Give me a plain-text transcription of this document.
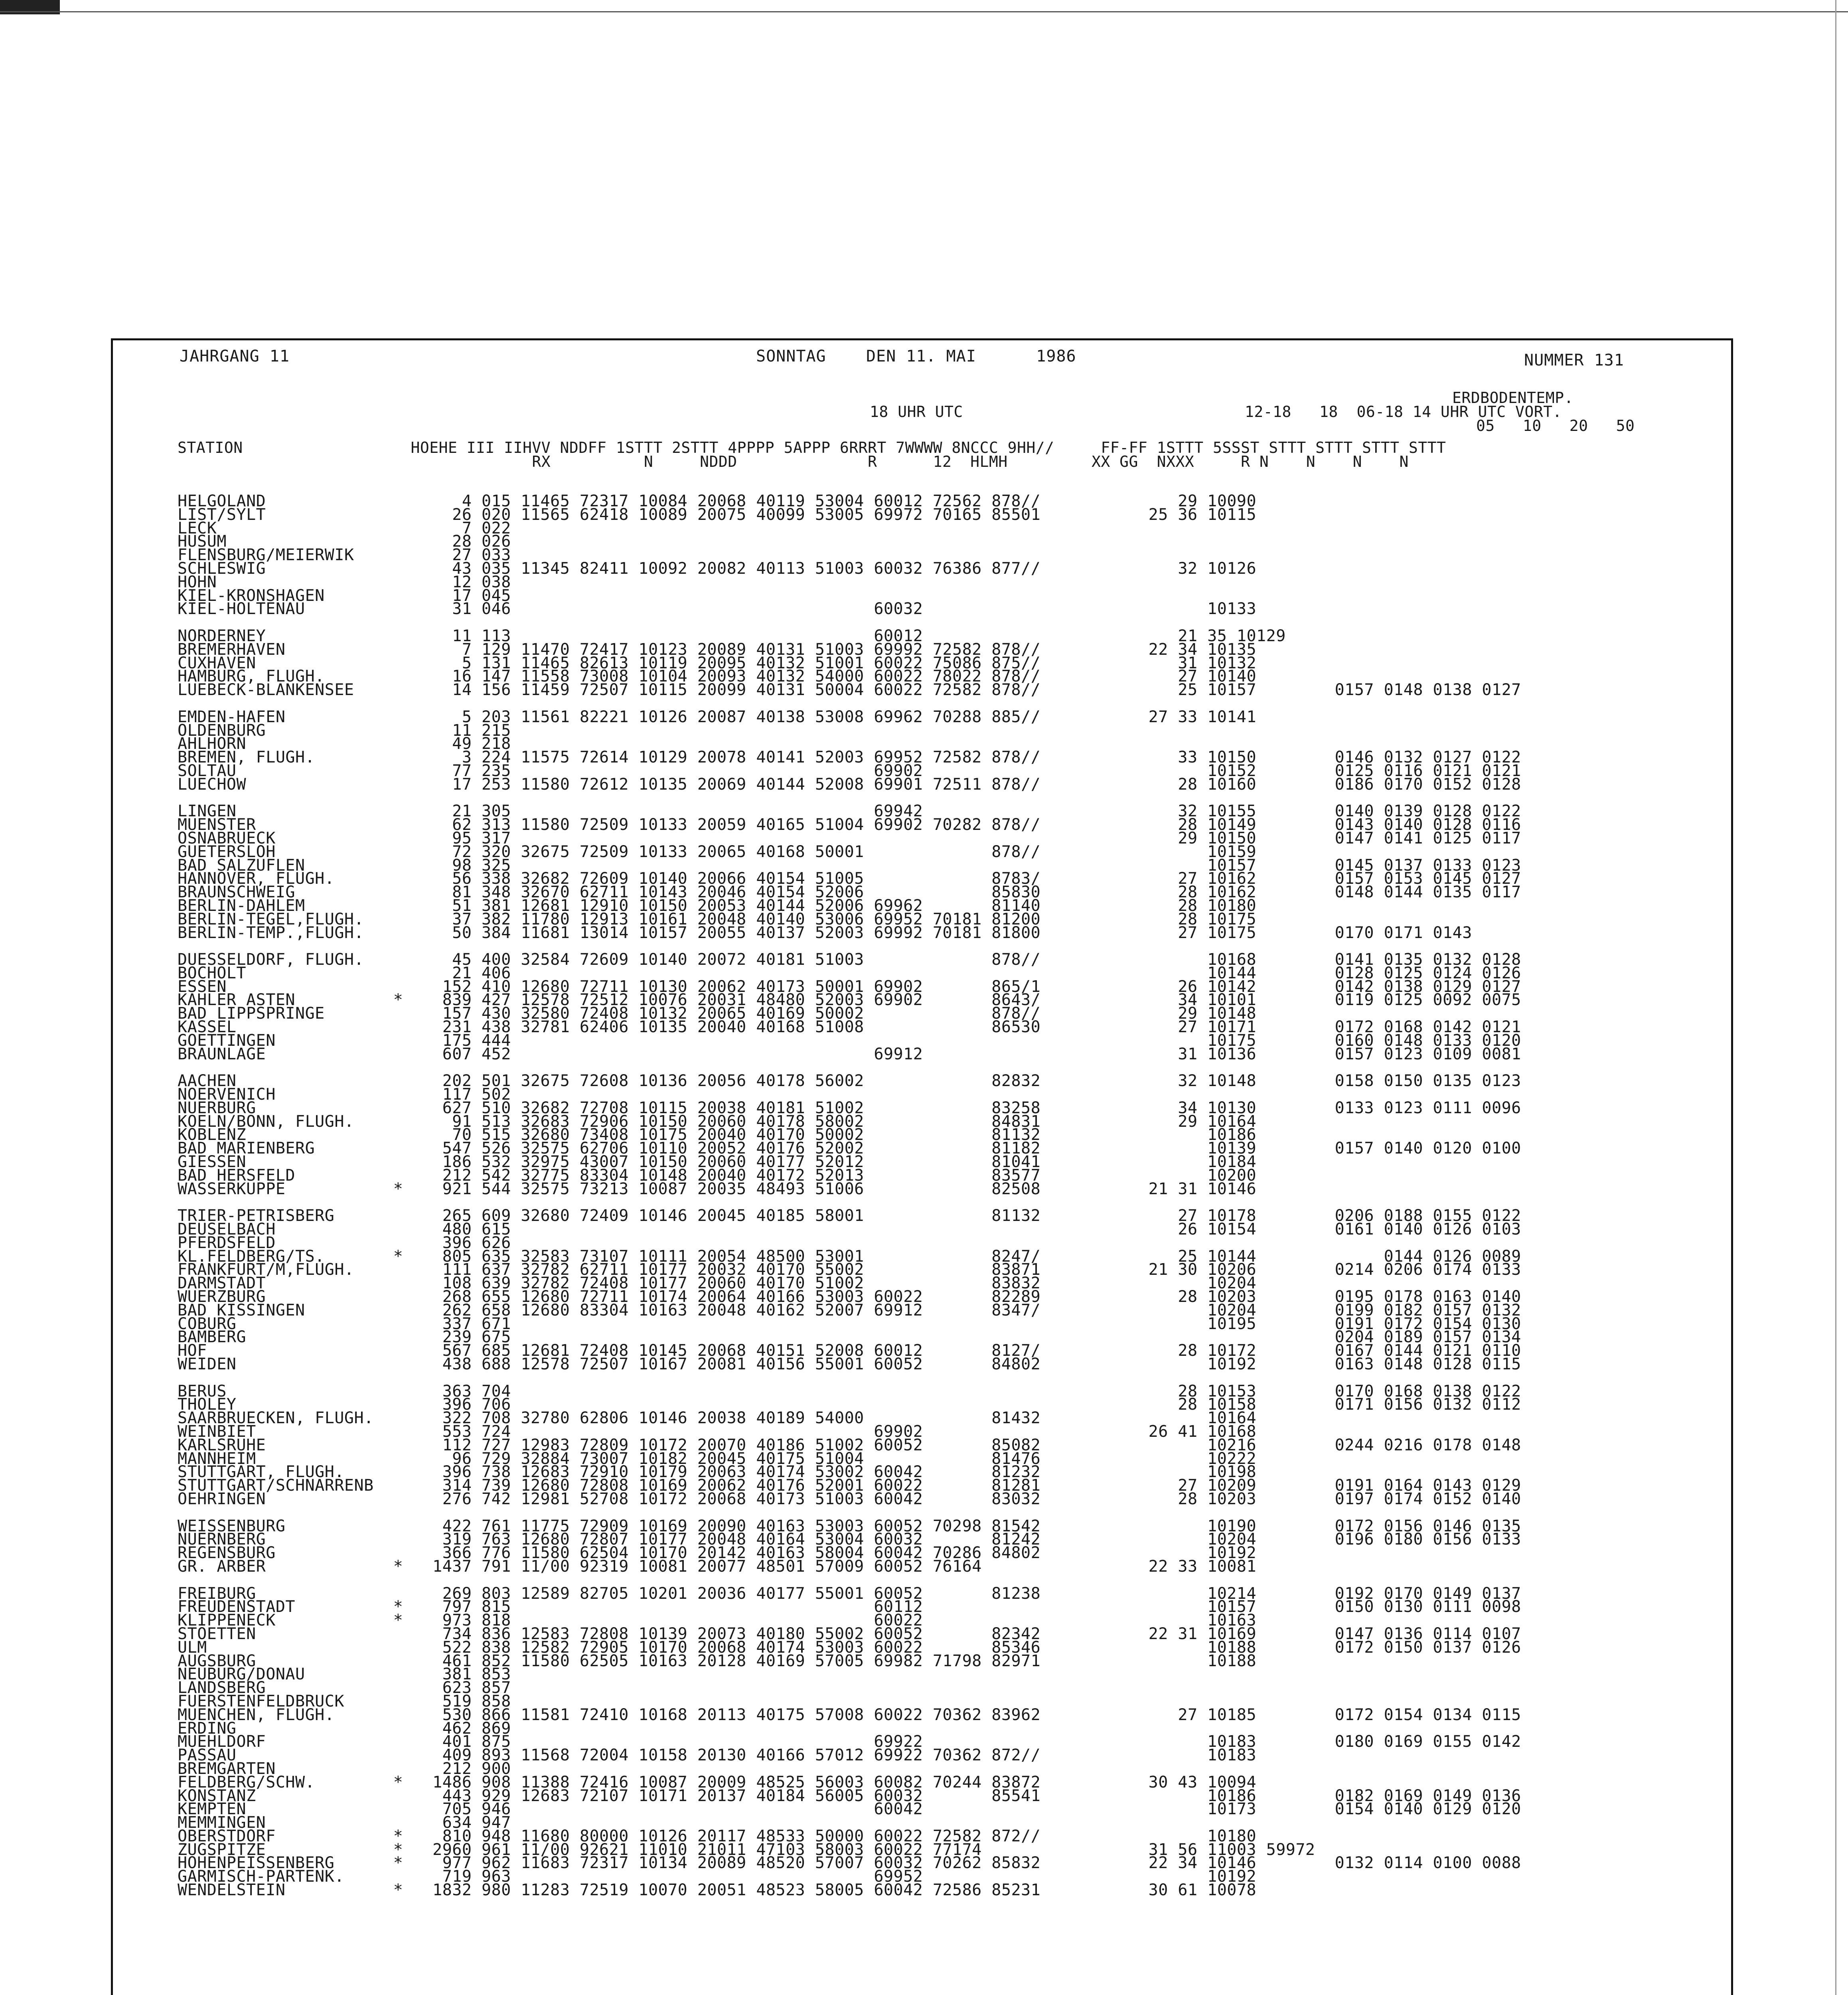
JAHRGANG 11	SONNTAG    DEN 11. MAI      1986	NUMMER 131
ERDBODENTEMP.
18 UHR UTC	12-18   18  06-18 14 UHR UTC VORT.
05   10   20   50
STATION                  HOEHE III IIHVV NDDFF 1STTT 2STTT 4PPPP 5APPP 6RRRT 7WWWW 8NCCC 9HH//     FF-FF 1STTT 5SSST STTT STTT STTT STTT
RX          N     NDDD              R      12  HLMH         XX GG  NXXX     R N    N    N    N
HELGOLAND                    4 015 11465 72317 10084 20068 40119 53004 60012 72562 878//              29 10090
LIST/SYLT                   26 020 11565 62418 10089 20075 40099 53005 69972 70165 85501           25 36 10115
LECK                         7 022
HUSUM                       28 026
FLENSBURG/MEIERWIK          27 033
SCHLESWIG                   43 035 11345 82411 10092 20082 40113 51003 60032 76386 877//              32 10126
HOHN                        12 038
KIEL-KRONSHAGEN             17 045
KIEL-HOLTENAU               31 046                                     60032                             10133
NORDERNEY                   11 113                                     60012                          21 35 10129
BREMERHAVEN                  7 129 11470 72417 10123 20089 40131 51003 69992 72582 878//           22 34 10135
CUXHAVEN                     5 131 11465 82613 10119 20095 40132 51001 60022 75086 875//              31 10132
HAMBURG, FLUGH.             16 147 11558 73008 10104 20093 40132 54000 60022 78022 878//              27 10140
LUEBECK-BLANKENSEE          14 156 11459 72507 10115 20099 40131 50004 60022 72582 878//              25 10157        0157 0148 0138 0127
EMDEN-HAFEN                  5 203 11561 82221 10126 20087 40138 53008 69962 70288 885//           27 33 10141
OLDENBURG                   11 215
AHLHORN                     49 218
BREMEN, FLUGH.               3 224 11575 72614 10129 20078 40141 52003 69952 72582 878//              33 10150        0146 0132 0127 0122
SOLTAU                      77 235                                     69902                             10152        0125 0116 0121 0121
LUECHOW                     17 253 11580 72612 10135 20069 40144 52008 69901 72511 878//              28 10160        0186 0170 0152 0128
LINGEN                      21 305                                     69942                          32 10155        0140 0139 0128 0122
MUENSTER                    62 313 11580 72509 10133 20059 40165 51004 69902 70282 878//              28 10149        0143 0140 0128 0116
OSNABRUECK                  95 317                                                                    29 10150        0147 0141 0125 0117
GUETERSLOH                  72 320 32675 72509 10133 20065 40168 50001             878//                 10159
BAD SALZUFLEN               98 325                                                                       10157        0145 0137 0133 0123
HANNOVER, FLUGH.            56 338 32682 72609 10140 20066 40154 51005             8783/              27 10162        0157 0153 0145 0127
BRAUNSCHWEIG                81 348 32670 62711 10143 20046 40154 52006             85830              28 10162        0148 0144 0135 0117
BERLIN-DAHLEM               51 381 12681 12910 10150 20053 40144 52006 69962       81140              28 10180
BERLIN-TEGEL,FLUGH.         37 382 11780 12913 10161 20048 40140 53006 69952 70181 81200              28 10175
BERLIN-TEMP.,FLUGH.         50 384 11681 13014 10157 20055 40137 52003 69992 70181 81800              27 10175        0170 0171 0143
DUESSELDORF, FLUGH.         45 400 32584 72609 10140 20072 40181 51003             878//                 10168        0141 0135 0132 0128
BOCHOLT                     21 406                                                                       10144        0128 0125 0124 0126
ESSEN                      152 410 12680 72711 10130 20062 40173 50001 69902       865/1              26 10142        0142 0138 0129 0127
KAHLER ASTEN          *    839 427 12578 72512 10076 20031 48480 52003 69902       8643/              34 10101        0119 0125 0092 0075
BAD LIPPSPRINGE            157 430 32580 72408 10132 20065 40169 50002             878//              29 10148
KASSEL                     231 438 32781 62406 10135 20040 40168 51008             86530              27 10171        0172 0168 0142 0121
GOETTINGEN                 175 444                                                                       10175        0160 0148 0133 0120
BRAUNLAGE                  607 452                                     69912                          31 10136        0157 0123 0109 0081
AACHEN                     202 501 32675 72608 10136 20056 40178 56002             82832              32 10148        0158 0150 0135 0123
NOERVENICH                 117 502
NUERBURG                   627 510 32682 72708 10115 20038 40181 51002             83258              34 10130        0133 0123 0111 0096
KOELN/BONN, FLUGH.          91 513 32683 72906 10150 20060 40178 58002             84831              29 10164
KOBLENZ                     70 515 32680 73408 10175 20040 40170 50002             81132                 10186
BAD MARIENBERG             547 526 32575 62706 10110 20052 40176 52002             81182                 10139        0157 0140 0120 0100
GIESSEN                    186 532 32975 43007 10150 20060 40177 52012             81041                 10184
BAD HERSFELD               212 542 32775 83304 10148 20040 40172 52013             83577                 10200
WASSERKUPPE           *    921 544 32575 73213 10087 20035 48493 51006             82508           21 31 10146
TRIER-PETRISBERG           265 609 32680 72409 10146 20045 40185 58001             81132              27 10178        0206 0188 0155 0122
DEUSELBACH                 480 615                                                                    26 10154        0161 0140 0126 0103
PFERDSFELD                 396 626
KL.FELDBERG/TS.       *    805 635 32583 73107 10111 20054 48500 53001             8247/              25 10144             0144 0126 0089
FRANKFURT/M,FLUGH.         111 637 32782 62711 10177 20032 40170 55002             83871           21 30 10206        0214 0206 0174 0133
DARMSTADT                  108 639 32782 72408 10177 20060 40170 51002             83832                 10204
WUERZBURG                  268 655 12680 72711 10174 20064 40166 53003 60022       82289              28 10203        0195 0178 0163 0140
BAD KISSINGEN              262 658 12680 83304 10163 20048 40162 52007 69912       8347/                 10204        0199 0182 0157 0132
COBURG                     337 671                                                                       10195        0191 0172 0154 0130
BAMBERG                    239 675                                                                                    0204 0189 0157 0134
HOF                        567 685 12681 72408 10145 20068 40151 52008 60012       8127/              28 10172        0167 0144 0121 0110
WEIDEN                     438 688 12578 72507 10167 20081 40156 55001 60052       84802                 10192        0163 0148 0128 0115
BERUS                      363 704                                                                    28 10153        0170 0168 0138 0122
THOLEY                     396 706                                                                    28 10158        0171 0156 0132 0112
SAARBRUECKEN, FLUGH.       322 708 32780 62806 10146 20038 40189 54000             81432                 10164
WEINBIET                   553 724                                     69902                       26 41 10168
KARLSRUHE                  112 727 12983 72809 10172 20070 40186 51002 60052       85082                 10216        0244 0216 0178 0148
MANNHEIM                    96 729 32884 73007 10182 20045 40175 51004             81476                 10222
STUTTGART, FLUGH.          396 738 12683 72910 10179 20063 40174 53002 60042       81232                 10198
STUTTGART/SCHNARRENB       314 739 12680 72808 10169 20062 40176 52001 60022       81281              27 10209        0191 0164 0143 0129
OEHRINGEN                  276 742 12981 52708 10172 20068 40173 51003 60042       83032              28 10203        0197 0174 0152 0140
WEISSENBURG                422 761 11775 72909 10169 20090 40163 53003 60052 70298 81542                 10190        0172 0156 0146 0135
NUERNBERG                  319 763 12680 72807 10177 20048 40164 53004 60032       81242                 10204        0196 0180 0156 0133
REGENSBURG                 366 776 11580 62504 10170 20142 40163 58004 60042 70286 84802                 10192
GR. ARBER             *   1437 791 11/00 92319 10081 20077 48501 57009 60052 76164                 22 33 10081
FREIBURG                   269 803 12589 82705 10201 20036 40177 55001 60052       81238                 10214        0192 0170 0149 0137
FREUDENSTADT          *    797 815                                     60112                             10157        0150 0130 0111 0098
KLIPPENECK            *    973 818                                     60022                             10163
STOETTEN                   734 836 12583 72808 10139 20073 40180 55002 60052       82342           22 31 10169        0147 0136 0114 0107
ULM                        522 838 12582 72905 10170 20068 40174 53003 60022       85346                 10188        0172 0150 0137 0126
AUGSBURG                   461 852 11580 62505 10163 20128 40169 57005 69982 71798 82971                 10188
NEUBURG/DONAU              381 853
LANDSBERG                  623 857
FUERSTENFELDBRUCK          519 858
MUENCHEN, FLUGH.           530 866 11581 72410 10168 20113 40175 57008 60022 70362 83962              27 10185        0172 0154 0134 0115
ERDING                     462 869
MUEHLDORF                  401 875                                     69922                             10183        0180 0169 0155 0142
PASSAU                     409 893 11568 72004 10158 20130 40166 57012 69922 70362 872//                 10183
BREMGARTEN                 212 900
FELDBERG/SCHW.        *   1486 908 11388 72416 10087 20009 48525 56003 60082 70244 83872           30 43 10094
KONSTANZ                   443 929 12683 72107 10171 20137 40184 56005 60032       85541                 10186        0182 0169 0149 0136
KEMPTEN                    705 946                                     60042                             10173        0154 0140 0129 0120
MEMMINGEN                  634 947
OBERSTDORF            *    810 948 11680 80000 10126 20117 48533 50000 60022 72582 872//                 10180
ZUGSPITZE             *   2960 961 11/00 92621 11010 21011 47103 58003 60022 77174                 31 56 11003 59972
HOHENPEISSENBERG      *    977 962 11683 72317 10134 20089 48520 57007 60032 70262 85832           22 34 10146        0132 0114 0100 0088
GARMISCH-PARTENK.          719 963                                     69952                             10192
WENDELSTEIN           *   1832 980 11283 72519 10070 20051 48523 58005 60042 72586 85231           30 61 10078
